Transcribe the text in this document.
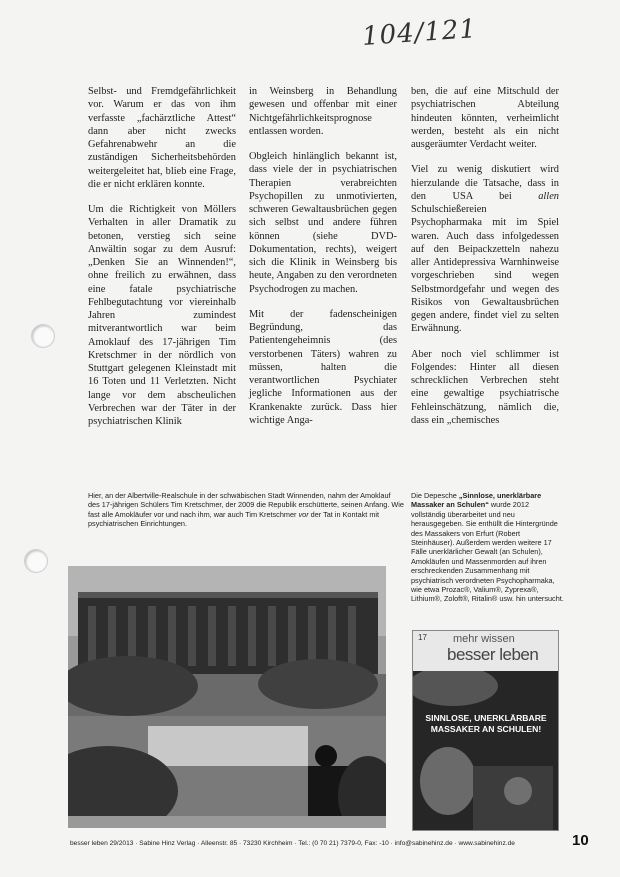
104/121

Selbst- und Fremdgefährlichkeit vor. Warum er das von ihm verfasste „fachärztliche Attest“ dann aber nicht zwecks Gefahrenabwehr an die zuständigen Sicherheitsbehörden weitergeleitet hat, blieb eine Frage, die er nicht erklären konnte.

Um die Richtigkeit von Möllers Verhalten in aller Dramatik zu betonen, verstieg sich seine Anwältin sogar zu dem Ausruf: „Denken Sie an Winnenden!“, ohne freilich zu erwähnen, dass eine fatale psychiatrische Fehlbegutachtung vor viereinhalb Jahren zumindest mitverantwortlich war beim Amoklauf des 17-jährigen Tim Kretschmer in der nördlich von Stuttgart gelegenen Kleinstadt mit 16 Toten und 11 Verletzten. Nicht lange vor dem abscheulichen Verbrechen war der Täter in der psychiatrischen Klinik

in Weinsberg in Behandlung gewesen und offenbar mit einer Nichtgefährlichkeitsprognose entlassen worden.

Obgleich hinlänglich bekannt ist, dass viele der in psychiatrischen Therapien verabreichten Psychopillen zu unmotivierten, schweren Gewaltausbrüchen gegen sich selbst und andere führen können (siehe DVD-Dokumentation, rechts), weigert sich die Klinik in Weinsberg bis heute, Angaben zu den verordneten Psychodrogen zu machen.

Mit der fadenscheinigen Begründung, das Patientengeheimnis (des verstorbenen Täters) wahren zu müssen, halten die verantwortlichen Psychiater jegliche Informationen aus der Krankenakte zurück. Dass hier wichtige Anga-

ben, die auf eine Mitschuld der psychiatrischen Abteilung hindeuten könnten, verheimlicht werden, besteht als ein nicht ausgeräumter Verdacht weiter.

Viel zu wenig diskutiert wird hierzulande die Tatsache, dass in den USA bei allen Schulschießereien Psychopharmaka mit im Spiel waren. Auch dass infolgedessen auf den Beipackzetteln nahezu aller Antidepressiva Warnhinweise vorgeschrieben sind wegen Selbstmordgefahr und wegen des Risikos von Gewaltausbrüchen gegen andere, findet viel zu selten Erwähnung.

Aber noch viel schlimmer ist Folgendes: Hinter all diesen schrecklichen Verbrechen steht eine gewaltige psychiatrische Fehleinschätzung, nämlich die, dass ein „chemisches

Hier, an der Albertville-Realschule in der schwäbischen Stadt Winnenden, nahm der Amoklauf des 17-jährigen Schülers Tim Kretschmer, der 2009 die Republik erschütterte, seinen Anfang. Wie fast alle Amokläufer vor und nach ihm, war auch Tim Kretschmer vor der Tat in Kontakt mit psychiatrischen Einrichtungen.
Die Depesche „Sinnlose, unerklärbare Massaker an Schulen“ wurde 2012 vollständig überarbeitet und neu herausgegeben. Sie enthüllt die Hintergründe des Massakers von Erfurt (Robert Steinhäuser). Außerdem werden weitere 17 Fälle unerklärlicher Gewalt (an Schulen), Amokläufen und Massenmorden auf ihren erschreckenden Zusammenhang mit psychiatrisch verordneten Psychopharmaka, wie etwa Prozac®, Valium®, Zyprexa®, Lithium®, Zoloft®, Ritalin® usw. hin untersucht.
17 mehr wissen
besser leben
SINNLOSE, UNERKLÄRBARE MASSAKER AN SCHULEN!
besser leben 29/2013 · Sabine Hinz Verlag · Alleenstr. 85 · 73230 Kirchheim · Tel.: (0 70 21) 7379-0, Fax: -10 · info@sabinehinz.de · www.sabinehinz.de	10
